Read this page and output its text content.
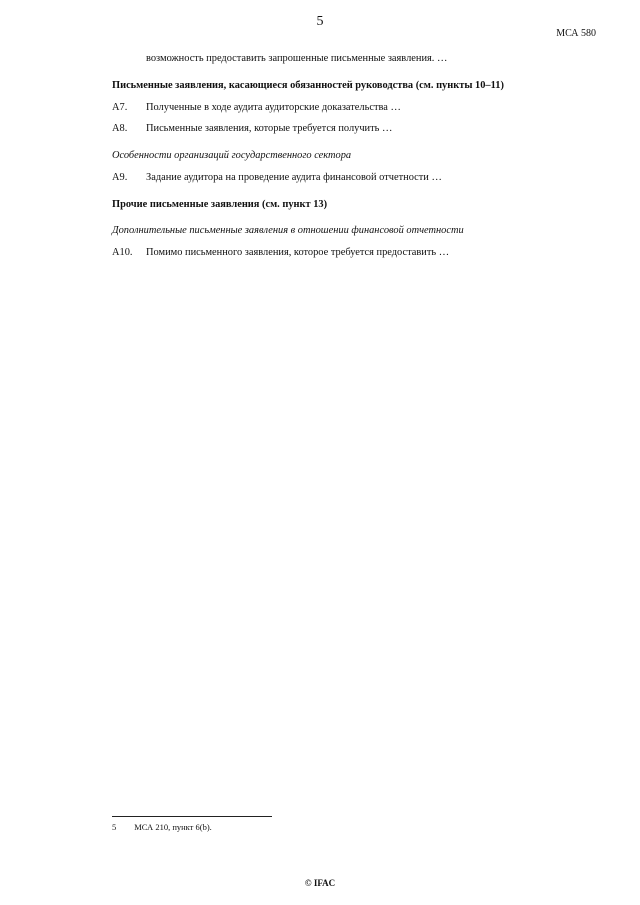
5
МСА 580
возможность предоставить запрошенные письменные заявления. …
Письменные заявления, касающиеся обязанностей руководства (см. пункты 10–11)
A7.	Полученные в ходе аудита аудиторские доказательства …
A8.	Письменные заявления, которые требуется получить …
Особенности организаций государственного сектора
A9.	Задание аудитора на проведение аудита финансовой отчетности …
Прочие письменные заявления (см. пункт 13)
Дополнительные письменные заявления в отношении финансовой отчетности
A10.	Помимо письменного заявления, которое требуется предоставить …
5 МСА 210, пункт 6(b).
© IFAC
